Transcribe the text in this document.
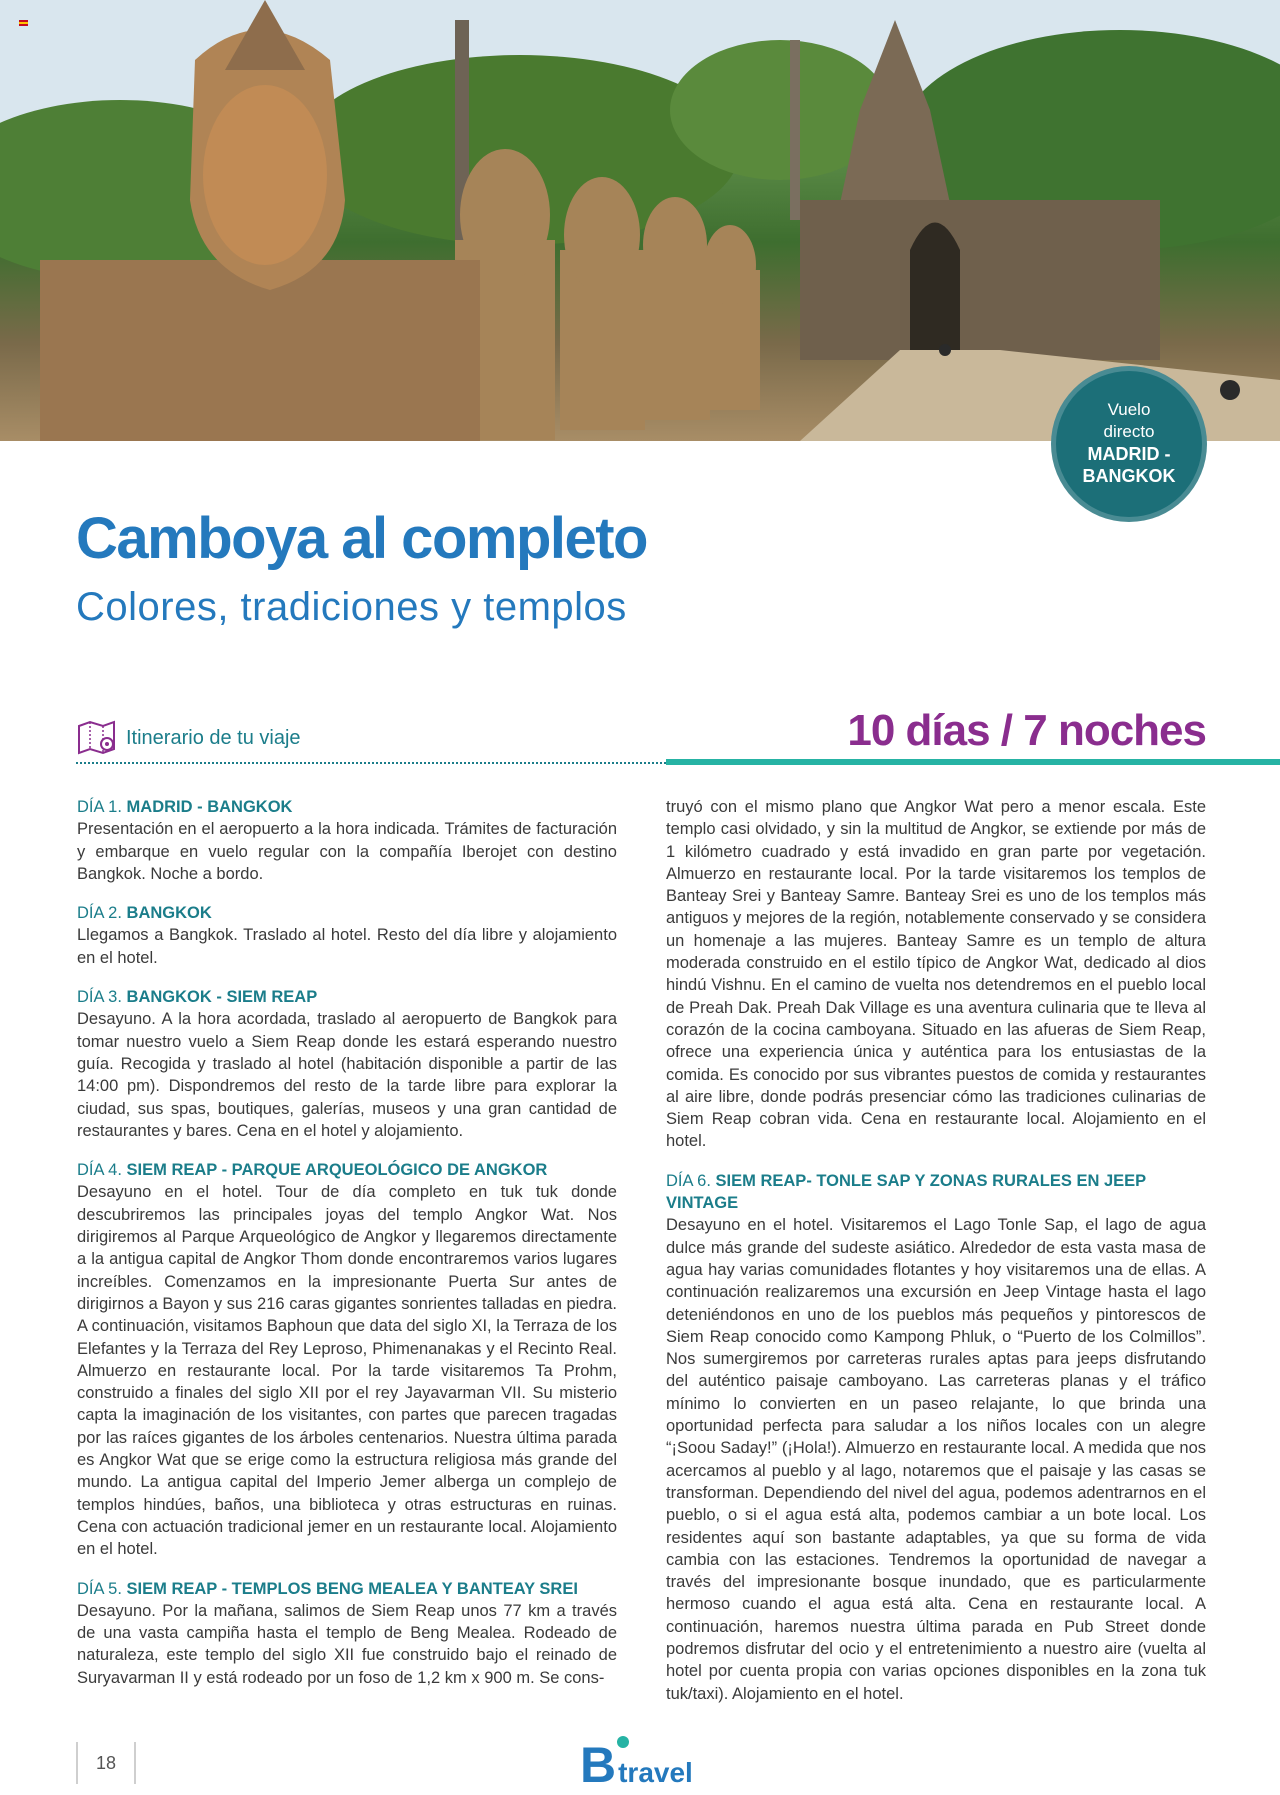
Vuelo
directo
MADRID -
BANGKOK
Camboya al completo
Colores, tradiciones y templos
Itinerario de tu viaje	10 días / 7 noches
DÍA 1. MADRID - BANGKOK

Presentación en el aeropuerto a la hora indicada. Trámites de facturación y embarque en vuelo regular con la compañía Iberojet con destino Bangkok. Noche a bordo.

DÍA 2. BANGKOK

Llegamos a Bangkok. Traslado al hotel. Resto del día libre y alojamiento en el hotel.

DÍA 3. BANGKOK - SIEM REAP

Desayuno. A la hora acordada, traslado al aeropuerto de Bangkok para tomar nuestro vuelo a Siem Reap donde les estará esperando nuestro guía. Recogida y traslado al hotel (habitación disponible a partir de las 14:00 pm). Dispondremos del resto de la tarde libre para explorar la ciudad, sus spas, boutiques, galerías, museos y una gran cantidad de restaurantes y bares. Cena en el hotel y alojamiento.

DÍA 4. SIEM REAP - PARQUE ARQUEOLÓGICO DE ANGKOR

Desayuno en el hotel. Tour de día completo en tuk tuk donde descubriremos las principales joyas del templo Angkor Wat. Nos dirigiremos al Parque Arqueológico de Angkor y llegaremos directamente a la antigua capital de Angkor Thom donde encontraremos varios lugares increíbles. Comenzamos en la impresionante Puerta Sur antes de dirigirnos a Bayon y sus 216 caras gigantes sonrientes talladas en piedra. A continuación, visitamos Baphoun que data del siglo XI, la Terraza de los Elefantes y la Terraza del Rey Leproso, Phimenanakas y el Recinto Real. Almuerzo en restaurante local. Por la tarde visitaremos Ta Prohm, construido a finales del siglo XII por el rey Jayavarman VII. Su misterio capta la imaginación de los visitantes, con partes que parecen tragadas por las raíces gigantes de los árboles centenarios. Nuestra última parada es Angkor Wat que se erige como la estructura religiosa más grande del mundo. La antigua capital del Imperio Jemer alberga un complejo de templos hindúes, baños, una biblioteca y otras estructuras en ruinas. Cena con actuación tradicional jemer en un restaurante local. Alojamiento en el hotel.

DÍA 5. SIEM REAP - TEMPLOS BENG MEALEA Y BANTEAY SREI

Desayuno. Por la mañana, salimos de Siem Reap unos 77 km a través de una vasta campiña hasta el templo de Beng Mealea. Rodeado de naturaleza, este templo del siglo XII fue construido bajo el reinado de Suryavarman II y está rodeado por un foso de 1,2 km x 900 m. Se cons-

truyó con el mismo plano que Angkor Wat pero a menor escala. Este templo casi olvidado, y sin la multitud de Angkor, se extiende por más de 1 kilómetro cuadrado y está invadido en gran parte por vegetación. Almuerzo en restaurante local. Por la tarde visitaremos los templos de Banteay Srei y Banteay Samre. Banteay Srei es uno de los templos más antiguos y mejores de la región, notablemente conservado y se considera un homenaje a las mujeres. Banteay Samre es un templo de altura moderada construido en el estilo típico de Angkor Wat, dedicado al dios hindú Vishnu. En el camino de vuelta nos detendremos en el pueblo local de Preah Dak. Preah Dak Village es una aventura culinaria que te lleva al corazón de la cocina camboyana. Situado en las afueras de Siem Reap, ofrece una experiencia única y auténtica para los entusiastas de la comida. Es conocido por sus vibrantes puestos de comida y restaurantes al aire libre, donde podrás presenciar cómo las tradiciones culinarias de Siem Reap cobran vida. Cena en restaurante local. Alojamiento en el hotel.

DÍA 6. SIEM REAP- TONLE SAP Y ZONAS RURALES EN JEEP VINTAGE

Desayuno en el hotel. Visitaremos el Lago Tonle Sap, el lago de agua dulce más grande del sudeste asiático. Alrededor de esta vasta masa de agua hay varias comunidades flotantes y hoy visitaremos una de ellas. A continuación realizaremos una excursión en Jeep Vintage hasta el lago deteniéndonos en uno de los pueblos más pequeños y pintorescos de Siem Reap conocido como Kampong Phluk, o “Puerto de los Colmillos”. Nos sumergiremos por carreteras rurales aptas para jeeps disfrutando del auténtico paisaje camboyano. Las carreteras planas y el tráfico mínimo lo convierten en un paseo relajante, lo que brinda una oportunidad perfecta para saludar a los niños locales con un alegre “¡Soou Saday!” (¡Hola!). Almuerzo en restaurante local. A medida que nos acercamos al pueblo y al lago, notaremos que el paisaje y las casas se transforman. Dependiendo del nivel del agua, podemos adentrarnos en el pueblo, o si el agua está alta, podemos cambiar a un bote local. Los residentes aquí son bastante adaptables, ya que su forma de vida cambia con las estaciones. Tendremos la oportunidad de navegar a través del impresionante bosque inundado, que es particularmente hermoso cuando el agua está alta. Cena en restaurante local. A continuación, haremos nuestra última parada en Pub Street donde podremos disfrutar del ocio y el entretenimiento a nuestro aire (vuelta al hotel por cuenta propia con varias opciones disponibles en la zona tuk tuk/taxi). Alojamiento en el hotel.

18	B travel
